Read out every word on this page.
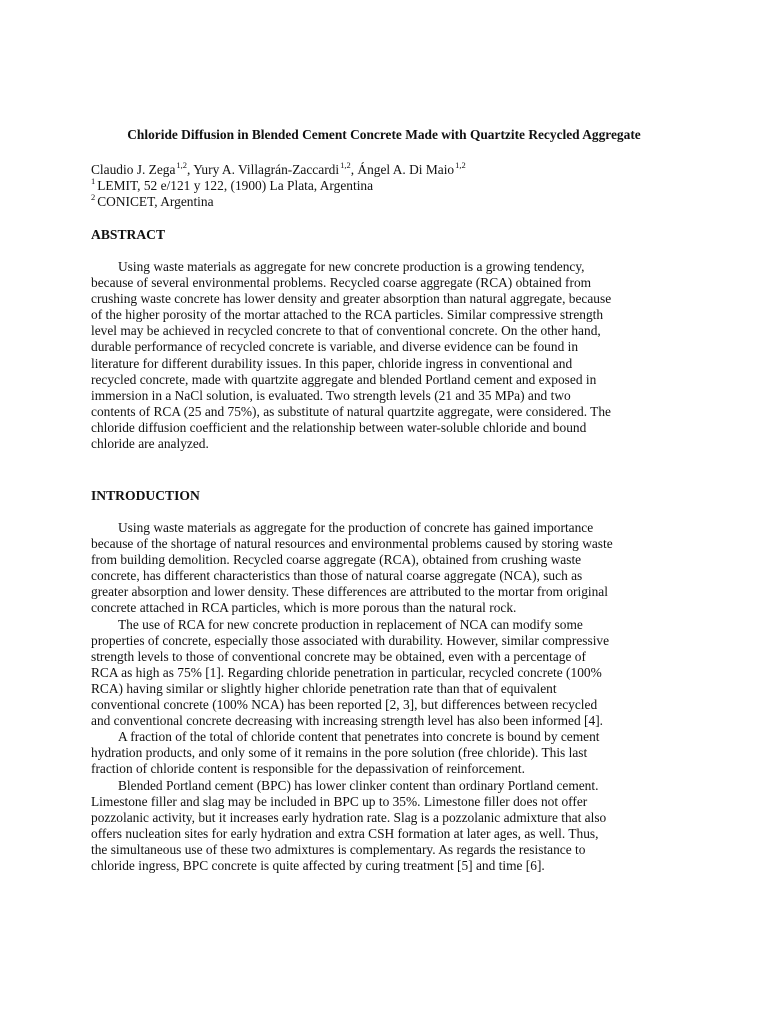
Chloride Diffusion in Blended Cement Concrete Made with Quartzite Recycled Aggregate
Claudio J. Zega$^{1,2}$, Yury A. Villagrán-Zaccardi$^{1,2}$, Ángel A. Di Maio$^{1,2}$
$^1$ LEMIT, 52 e/121 y 122, (1900) La Plata, Argentina
$^2$ CONICET, Argentina
ABSTRACT
Using waste materials as aggregate for new concrete production is a growing tendency,
because of several environmental problems. Recycled coarse aggregate (RCA) obtained from
crushing waste concrete has lower density and greater absorption than natural aggregate, because
of the higher porosity of the mortar attached to the RCA particles. Similar compressive strength
level may be achieved in recycled concrete to that of conventional concrete. On the other hand,
durable performance of recycled concrete is variable, and diverse evidence can be found in
literature for different durability issues. In this paper, chloride ingress in conventional and
recycled concrete, made with quartzite aggregate and blended Portland cement and exposed in
immersion in a NaCl solution, is evaluated. Two strength levels (21 and 35 MPa) and two
contents of RCA (25 and 75%), as substitute of natural quartzite aggregate, were considered. The
chloride diffusion coefficient and the relationship between water-soluble chloride and bound
chloride are analyzed.
INTRODUCTION
Using waste materials as aggregate for the production of concrete has gained importance
because of the shortage of natural resources and environmental problems caused by storing waste
from building demolition. Recycled coarse aggregate (RCA), obtained from crushing waste
concrete, has different characteristics than those of natural coarse aggregate (NCA), such as
greater absorption and lower density. These differences are attributed to the mortar from original
concrete attached in RCA particles, which is more porous than the natural rock.
The use of RCA for new concrete production in replacement of NCA can modify some
properties of concrete, especially those associated with durability. However, similar compressive
strength levels to those of conventional concrete may be obtained, even with a percentage of
RCA as high as 75% [1]. Regarding chloride penetration in particular, recycled concrete (100%
RCA) having similar or slightly higher chloride penetration rate than that of equivalent
conventional concrete (100% NCA) has been reported [2, 3], but differences between recycled
and conventional concrete decreasing with increasing strength level has also been informed [4].
A fraction of the total of chloride content that penetrates into concrete is bound by cement
hydration products, and only some of it remains in the pore solution (free chloride). This last
fraction of chloride content is responsible for the depassivation of reinforcement.
Blended Portland cement (BPC) has lower clinker content than ordinary Portland cement.
Limestone filler and slag may be included in BPC up to 35%. Limestone filler does not offer
pozzolanic activity, but it increases early hydration rate. Slag is a pozzolanic admixture that also
offers nucleation sites for early hydration and extra CSH formation at later ages, as well. Thus,
the simultaneous use of these two admixtures is complementary. As regards the resistance to
chloride ingress, BPC concrete is quite affected by curing treatment [5] and time [6].
